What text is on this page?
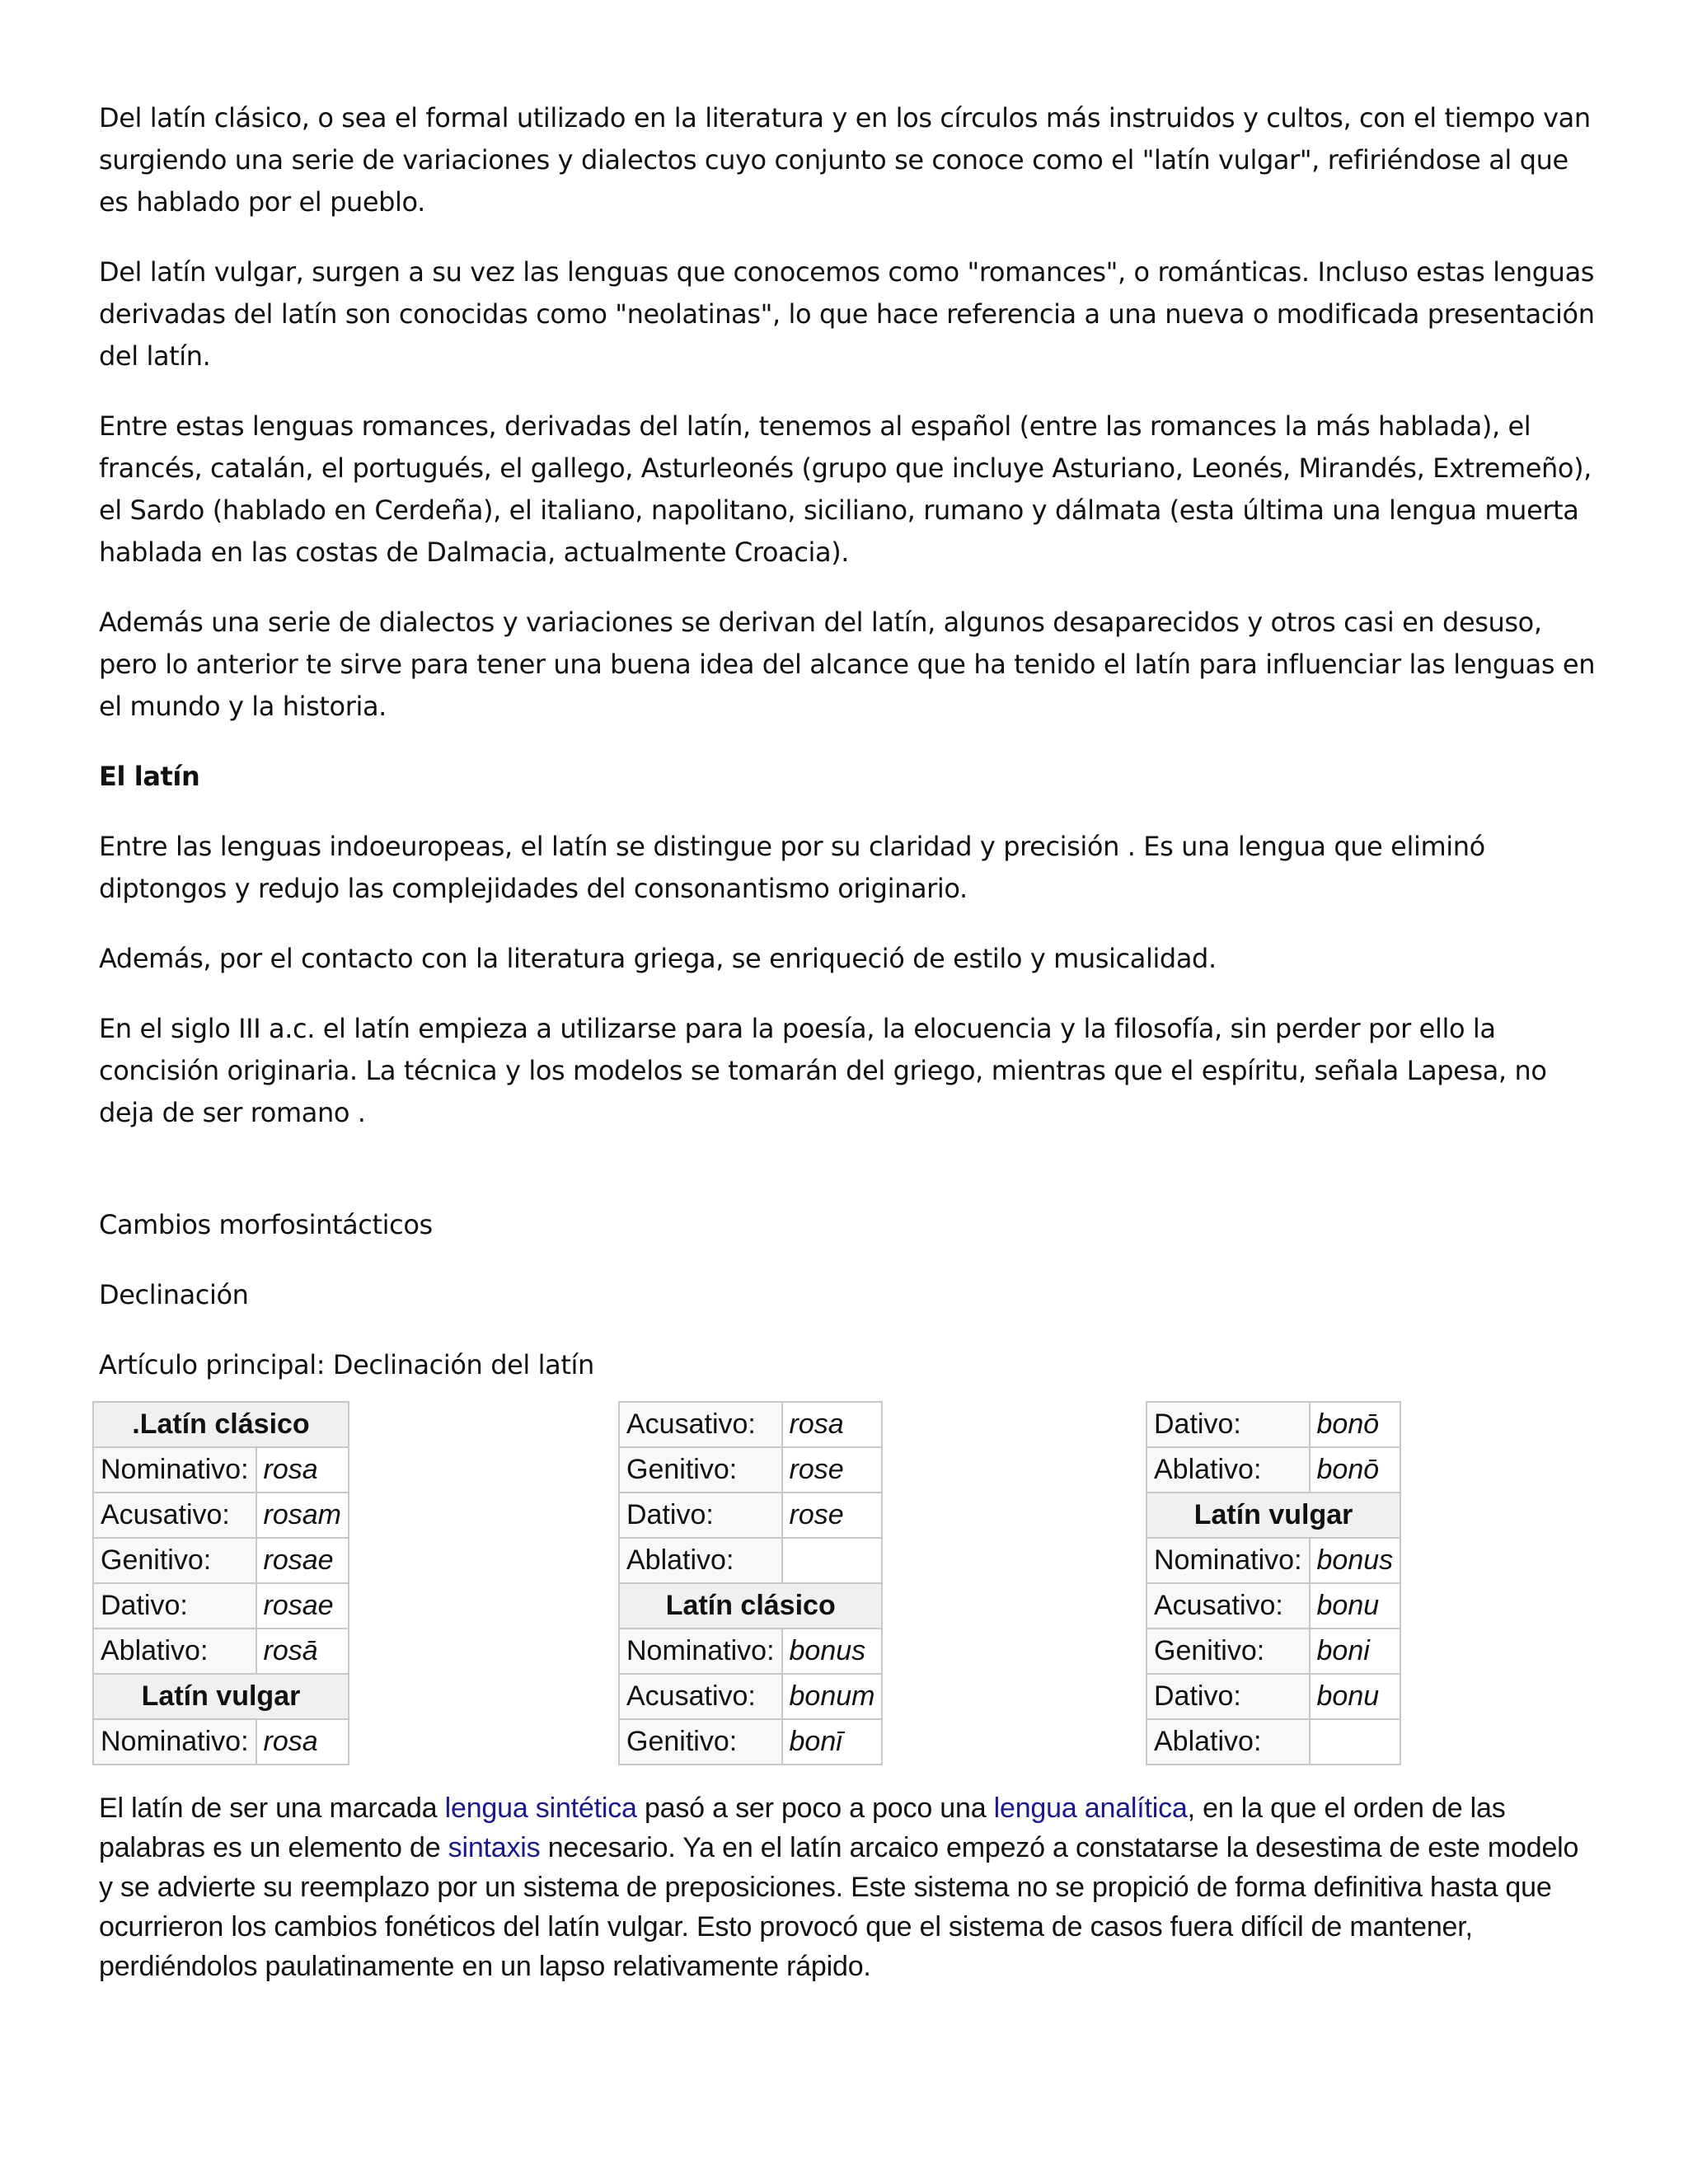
Del latín clásico, o sea el formal utilizado en la literatura y en los círculos más instruidos y cultos, con el tiempo van surgiendo una serie de variaciones y dialectos cuyo conjunto se conoce como el "latín vulgar", refiriéndose al que es hablado por el pueblo.

Del latín vulgar, surgen a su vez las lenguas que conocemos como "romances", o románticas. Incluso estas lenguas derivadas del latín son conocidas como "neolatinas", lo que hace referencia a una nueva o modificada presentación del latín.

Entre estas lenguas romances, derivadas del latín, tenemos al español (entre las romances la más hablada), el francés, catalán, el portugués, el gallego, Asturleonés (grupo que incluye Asturiano, Leonés, Mirandés, Extremeño), el Sardo (hablado en Cerdeña), el italiano, napolitano, siciliano, rumano y dálmata (esta última una lengua muerta hablada en las costas de Dalmacia, actualmente Croacia).

Además una serie de dialectos y variaciones se derivan del latín, algunos desaparecidos y otros casi en desuso, pero lo anterior te sirve para tener una buena idea del alcance que ha tenido el latín para influenciar las lenguas en el mundo y la historia.

El latín

Entre las lenguas indoeuropeas, el latín se distingue por su claridad y precisión . Es una lengua que eliminó diptongos y redujo las complejidades del consonantismo originario.

Además, por el contacto con la literatura griega, se enriqueció de estilo y musicalidad.

En el siglo III a.c. el latín empieza a utilizarse para la poesía, la elocuencia y la filosofía, sin perder por ello la concisión originaria. La técnica y los modelos se tomarán del griego, mientras que el espíritu, señala Lapesa, no deja de ser romano .

Cambios morfosintácticos

Declinación

Artículo principal: Declinación del latín

.Latín clásico	
Nominativo:	rosa
Acusativo:	rosam
Genitivo:	rosae
Dativo:	rosae
Ablativo:	rosā
Latín vulgar	
Nominativo:	rosa
Acusativo:	rosa
Genitivo:	rose
Dativo:	rose
Ablativo:	
Latín clásico	
Nominativo:	bonus
Acusativo:	bonum
Genitivo:	bonī
Dativo:	bonō
Ablativo:	bonō
Latín vulgar	
Nominativo:	bonus
Acusativo:	bonu
Genitivo:	boni
Dativo:	bonu
Ablativo:	

El latín de ser una marcada lengua sintética pasó a ser poco a poco una lengua analítica, en la que el orden de las palabras es un elemento de sintaxis necesario. Ya en el latín arcaico empezó a constatarse la desestima de este modelo y se advierte su reemplazo por un sistema de preposiciones. Este sistema no se propició de forma definitiva hasta que ocurrieron los cambios fonéticos del latín vulgar. Esto provocó que el sistema de casos fuera difícil de mantener, perdiéndolos paulatinamente en un lapso relativamente rápido.
